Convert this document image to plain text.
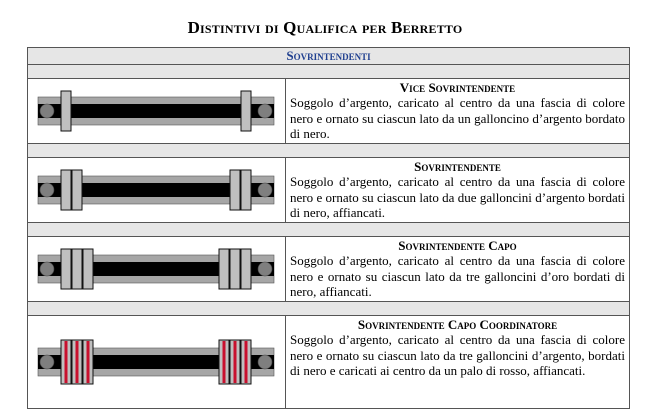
Distintivi di Qualifica per Berretto
Sovrintendenti
Vice Sovrintendente
Soggolo d’argento, caricato al centro da una fascia di colore nero e ornato su ciascun lato da un galloncino d’argento bordato di nero.
Sovrintendente
Soggolo d’argento, caricato al centro da una fascia di colore nero e ornato su ciascun lato da due galloncini d’argento bordati di nero, affiancati.
Sovrintendente Capo
Soggolo d’argento, caricato al centro da una fascia di colore nero e ornato su ciascun lato da tre galloncini d’oro bordati di nero, affiancati.
Sovrintendente Capo Coordinatore
Soggolo d’argento, caricato al centro da una fascia di colore nero e ornato su ciascun lato da tre galloncini d’argento, bordati di nero e caricati ai centro da un palo di rosso, affiancati.
